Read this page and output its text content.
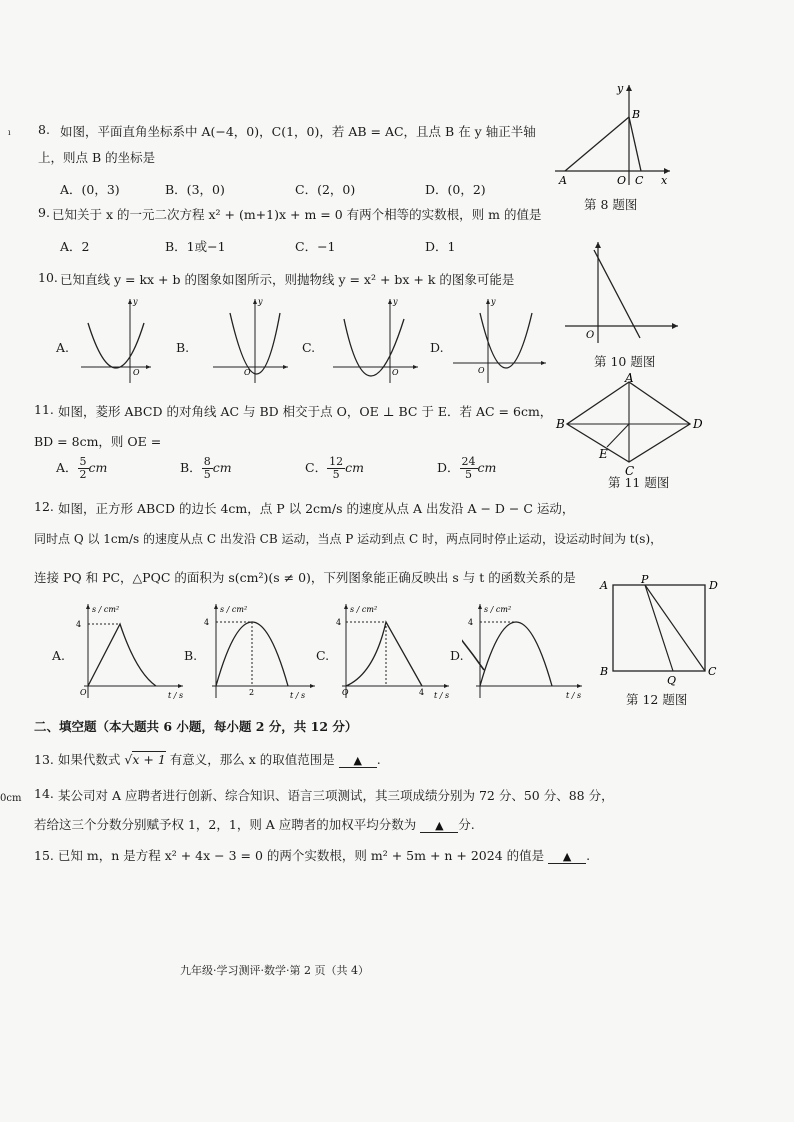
ı
0cm
8. 如图，平面直角坐标系中 A(−4，0)，C(1，0)，若 AB = AC，且点 B 在 y 轴正半轴
上，则点 B 的坐标是
A．(0，3)	B．(3，0)	C．(2，0)	D．(0，2)
y
B
A	O C x
第 8 题图
9. 已知关于 x 的一元二次方程 x² + (m+1)x + m = 0 有两个相等的实数根，则 m 的值是
A．2	B．1或−1	C．−1	D．1
O
第 10 题图
10. 已知直线 y = kx + b 的图象如图所示，则抛物线 y = x² + bx + k 的图象可能是
A.
y
O
B.
y
O
C.
y
O
D.
y
O
11. 如图，菱形 ABCD 的对角线 AC 与 BD 相交于点 O，OE ⊥ BC 于 E．若 AC = 6cm，
BD = 8cm，则 OE =
A． $\frac{5}{2}$ cm	B． $\frac{8}{5}$ cm	C． $\frac{12}{5}$ cm	D． $\frac{24}{5}$ cm
A
B	D
E
C
第 11 题图
12. 如图，正方形 ABCD 的边长 4cm，点 P 以 2cm/s 的速度从点 A 出发沿 A − D − C 运动，
同时点 Q 以 1cm/s 的速度从点 C 出发沿 CB 运动，当点 P 运动到点 C 时，两点同时停止运动，设运动时间为 t(s)，
连接 PQ 和 PC，△PQC 的面积为 s(cm²)(s ≠ 0)，下列图象能正确反映出 s 与 t 的函数关系的是
A	P	D
B
Q
C
第 12 题图
A.
s / cm²
4
O	t / s
B.
s / cm²
4
2	t / s
C.
s / cm²
4
O	4 t / s
D.
s / cm²
4
t / s
二、填空题（本大题共 6 小题，每小题 2 分，共 12 分）
13. 如果代数式 √x + 1 有意义，那么 x 的取值范围是 ▲ .
14. 某公司对 A 应聘者进行创新、综合知识、语言三项测试，其三项成绩分别为 72 分、50 分、88 分，
若给这三个分数分别赋予权 1，2，1，则 A 应聘者的加权平均分数为 ▲ 分.
15. 已知 m，n 是方程 x² + 4x − 3 = 0 的两个实数根，则 m² + 5m + n + 2024 的值是 ▲ .
九年级·学习测评·数学·第 2 页（共 4）
